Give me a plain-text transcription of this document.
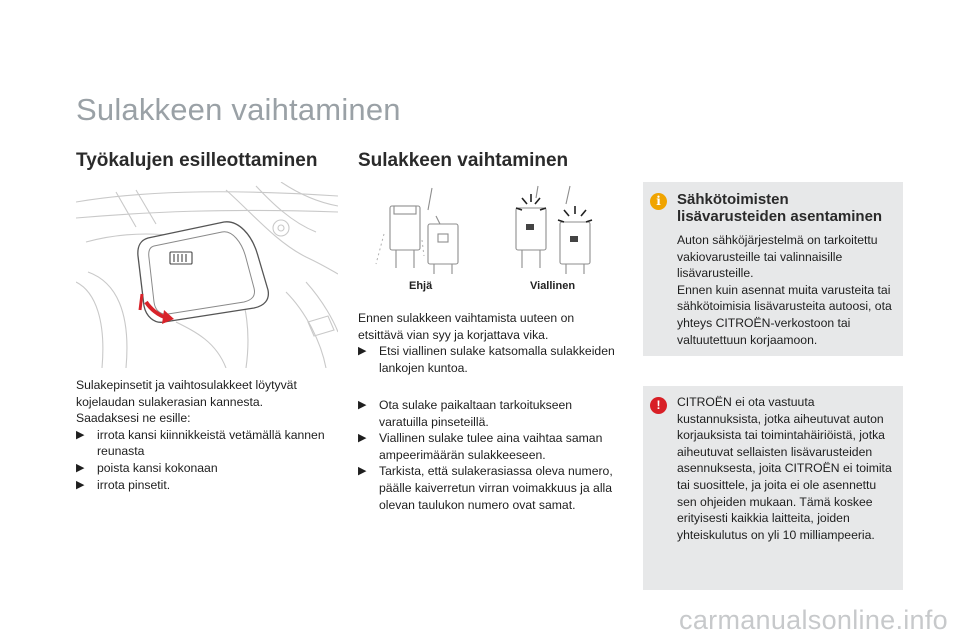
Sulakkeen vaihtaminen
Työkalujen esilleottaminen

Sulakepinsetit ja vaihtosulakkeet löytyvät kojelaudan sulakerasian kannesta.

Saadaksesi ne esille:

▶ irrota kansi kiinnikkeistä vetämällä kannen reunasta
▶ poista kansi kokonaan
▶ irrota pinsetit.
Sulakkeen vaihtaminen
Ehjä	Viallinen

Ennen sulakkeen vaihtamista uuteen on etsittävä vian syy ja korjattava vika.

▶ Etsi viallinen sulake katsomalla sulakkeiden lankojen kuntoa.
▶ Ota sulake paikaltaan tarkoitukseen varatuilla pinseteillä.
▶ Viallinen sulake tulee aina vaihtaa saman ampeerimäärän sulakkeeseen.
▶ Tarkista, että sulakerasiassa oleva numero, päälle kaiverretun virran voimakkuus ja alla olevan taulukon numero ovat samat.
i	Sähkötoimisten lisävarusteiden asentaminen

Auton sähköjärjestelmä on tarkoitettu vakiovarusteille tai valinnaisille lisävarusteille.

Ennen kuin asennat muita varusteita tai sähkötoimisia lisävarusteita autoosi, ota yhteys CITROËN-verkostoon tai valtuutettuun korjaamoon.

!	CITROËN ei ota vastuuta kustannuksista, jotka aiheutuvat auton korjauksista tai toimintahäiriöistä, jotka aiheutuvat sellaisten lisävarusteiden asennuksesta, joita CITROËN ei toimita tai suosittele, ja joita ei ole asennettu sen ohjeiden mukaan. Tämä koskee erityisesti kaikkia laitteita, joiden yhteiskulutus on yli 10 milliampeeria.

carmanualsonline.info
